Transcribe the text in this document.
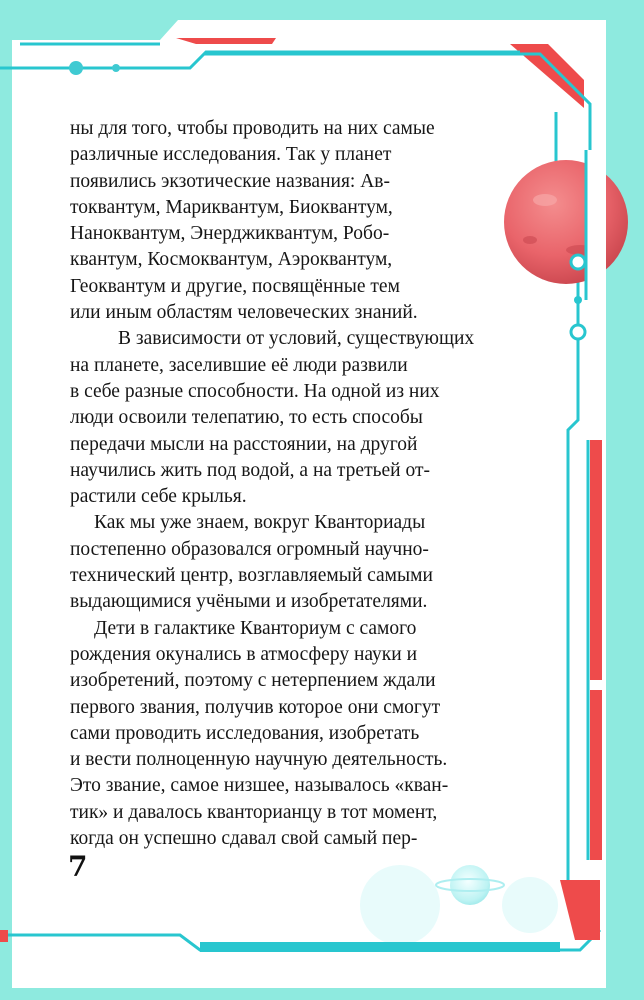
ны для того, чтобы проводить на них самые
различные исследования. Так у планет
появились экзотические названия: Ав-
токвантум, Мариквантум, Биоквантум,
Наноквантум, Энерджиквантум, Робо-
квантум, Космоквантум, Аэроквантум,
Геоквантум и другие, посвящённые тем
или иным областям человеческих знаний.

В зависимости от условий, существующих
на планете, заселившие её люди развили
в себе разные способности. На одной из них
люди освоили телепатию, то есть способы
передачи мысли на расстоянии, на другой
научились жить под водой, а на третьей от-
растили себе крылья.

Как мы уже знаем, вокруг Кванториады
постепенно образовался огромный научно-
технический центр, возглавляемый самыми
выдающимися учёными и изобретателями.

Дети в галактике Кванториум с самого
рождения окунались в атмосферу науки и
изобретений, поэтому с нетерпением ждали
первого звания, получив которое они смогут
сами проводить исследования, изобретать
и вести полноценную научную деятельность.
Это звание, самое низшее, называлось «кван-
тик» и давалось кванторианцу в тот момент,
когда он успешно сдавал свой самый пер-

7
